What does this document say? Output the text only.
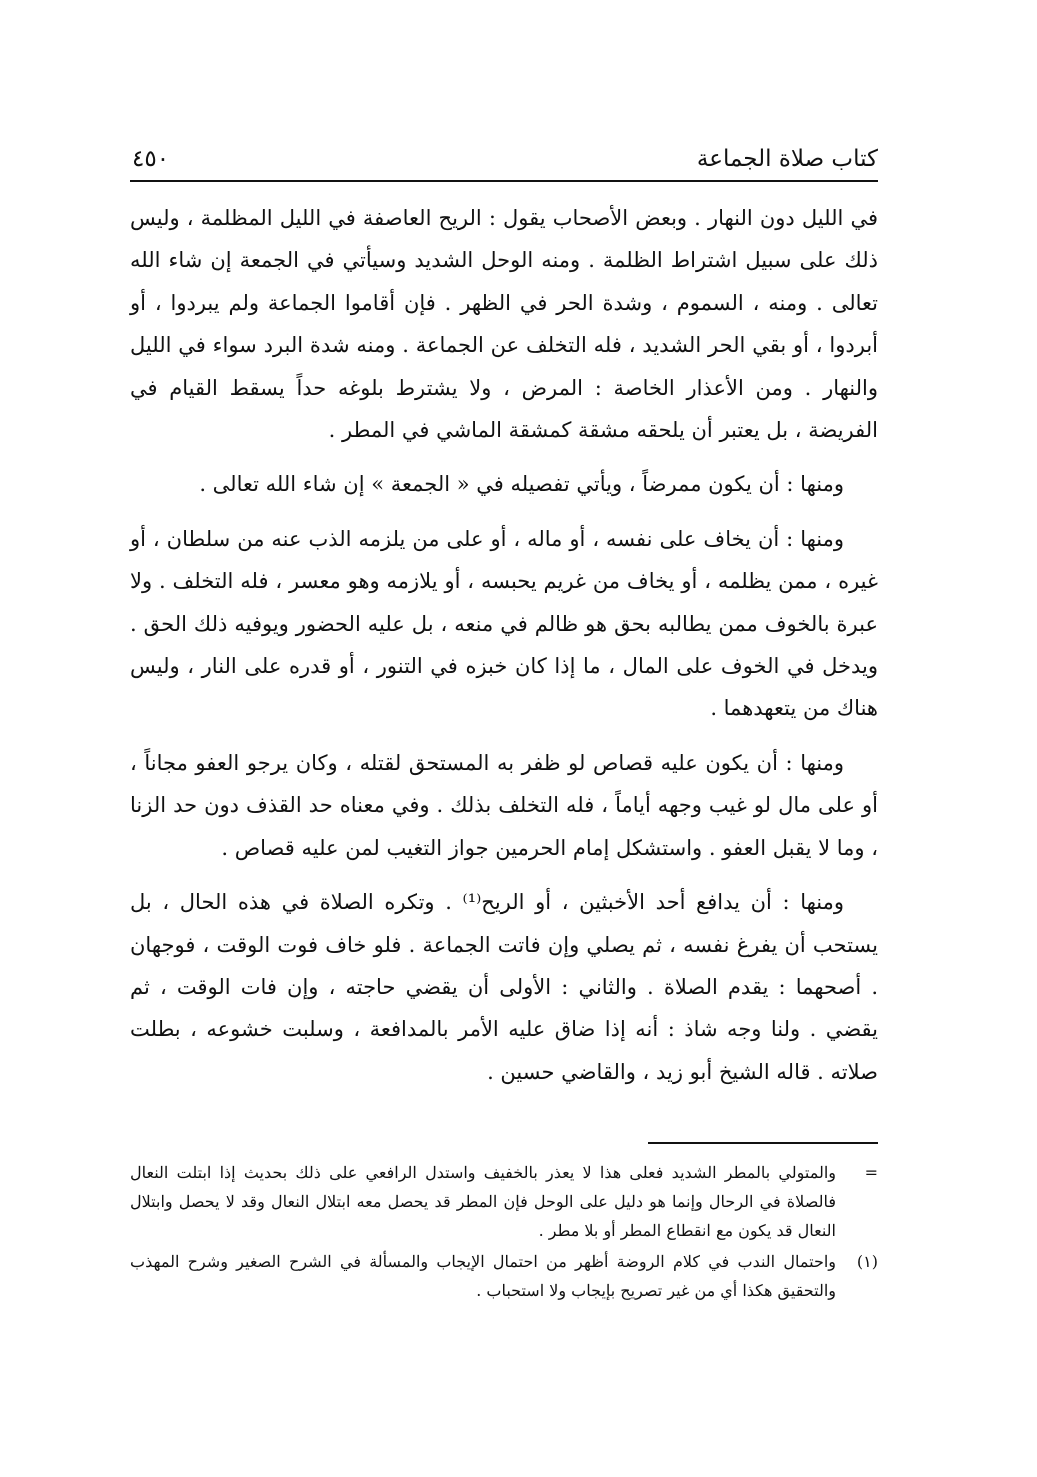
كتاب صلاة الجماعة
٤٥٠

في الليل دون النهار . وبعض الأصحاب يقول : الريح العاصفة في الليل المظلمة ، وليس ذلك على سبيل اشتراط الظلمة . ومنه الوحل الشديد وسيأتي في الجمعة إن شاء الله تعالى . ومنه ، السموم ، وشدة الحر في الظهر . فإن أقاموا الجماعة ولم يبردوا ، أو أبردوا ، أو بقي الحر الشديد ، فله التخلف عن الجماعة . ومنه شدة البرد سواء في الليل والنهار . ومن الأعذار الخاصة : المرض ، ولا يشترط بلوغه حداً يسقط القيام في الفريضة ، بل يعتبر أن يلحقه مشقة كمشقة الماشي في المطر .

ومنها : أن يكون ممرضاً ، ويأتي تفصيله في « الجمعة » إن شاء الله تعالى .

ومنها : أن يخاف على نفسه ، أو ماله ، أو على من يلزمه الذب عنه من سلطان ، أو غيره ، ممن يظلمه ، أو يخاف من غريم يحبسه ، أو يلازمه وهو معسر ، فله التخلف . ولا عبرة بالخوف ممن يطالبه بحق هو ظالم في منعه ، بل عليه الحضور ويوفيه ذلك الحق . ويدخل في الخوف على المال ، ما إذا كان خبزه في التنور ، أو قدره على النار ، وليس هناك من يتعهدهما .

ومنها : أن يكون عليه قصاص لو ظفر به المستحق لقتله ، وكان يرجو العفو مجاناً ، أو على مال لو غيب وجهه أياماً ، فله التخلف بذلك . وفي معناه حد القذف دون حد الزنا ، وما لا يقبل العفو . واستشكل إمام الحرمين جواز التغيب لمن عليه قصاص .

ومنها : أن يدافع أحد الأخبثين ، أو الريح⁽¹⁾ . وتكره الصلاة في هذه الحال ، بل يستحب أن يفرغ نفسه ، ثم يصلي وإن فاتت الجماعة . فلو خاف فوت الوقت ، فوجهان . أصحهما : يقدم الصلاة . والثاني : الأولى أن يقضي حاجته ، وإن فات الوقت ، ثم يقضي . ولنا وجه شاذ : أنه إذا ضاق عليه الأمر بالمدافعة ، وسلبت خشوعه ، بطلت صلاته . قاله الشيخ أبو زيد ، والقاضي حسين .

=
والمتولي بالمطر الشديد فعلى هذا لا يعذر بالخفيف واستدل الرافعي على ذلك بحديث إذا ابتلت النعال فالصلاة في الرحال وإنما هو دليل على الوحل فإن المطر قد يحصل معه ابتلال النعال وقد لا يحصل وابتلال النعال قد يكون مع انقطاع المطر أو بلا مطر .

(١)
واحتمال الندب في كلام الروضة أظهر من احتمال الإيجاب والمسألة في الشرح الصغير وشرح المهذب والتحقيق هكذا أي من غير تصريح بإيجاب ولا استحباب .
